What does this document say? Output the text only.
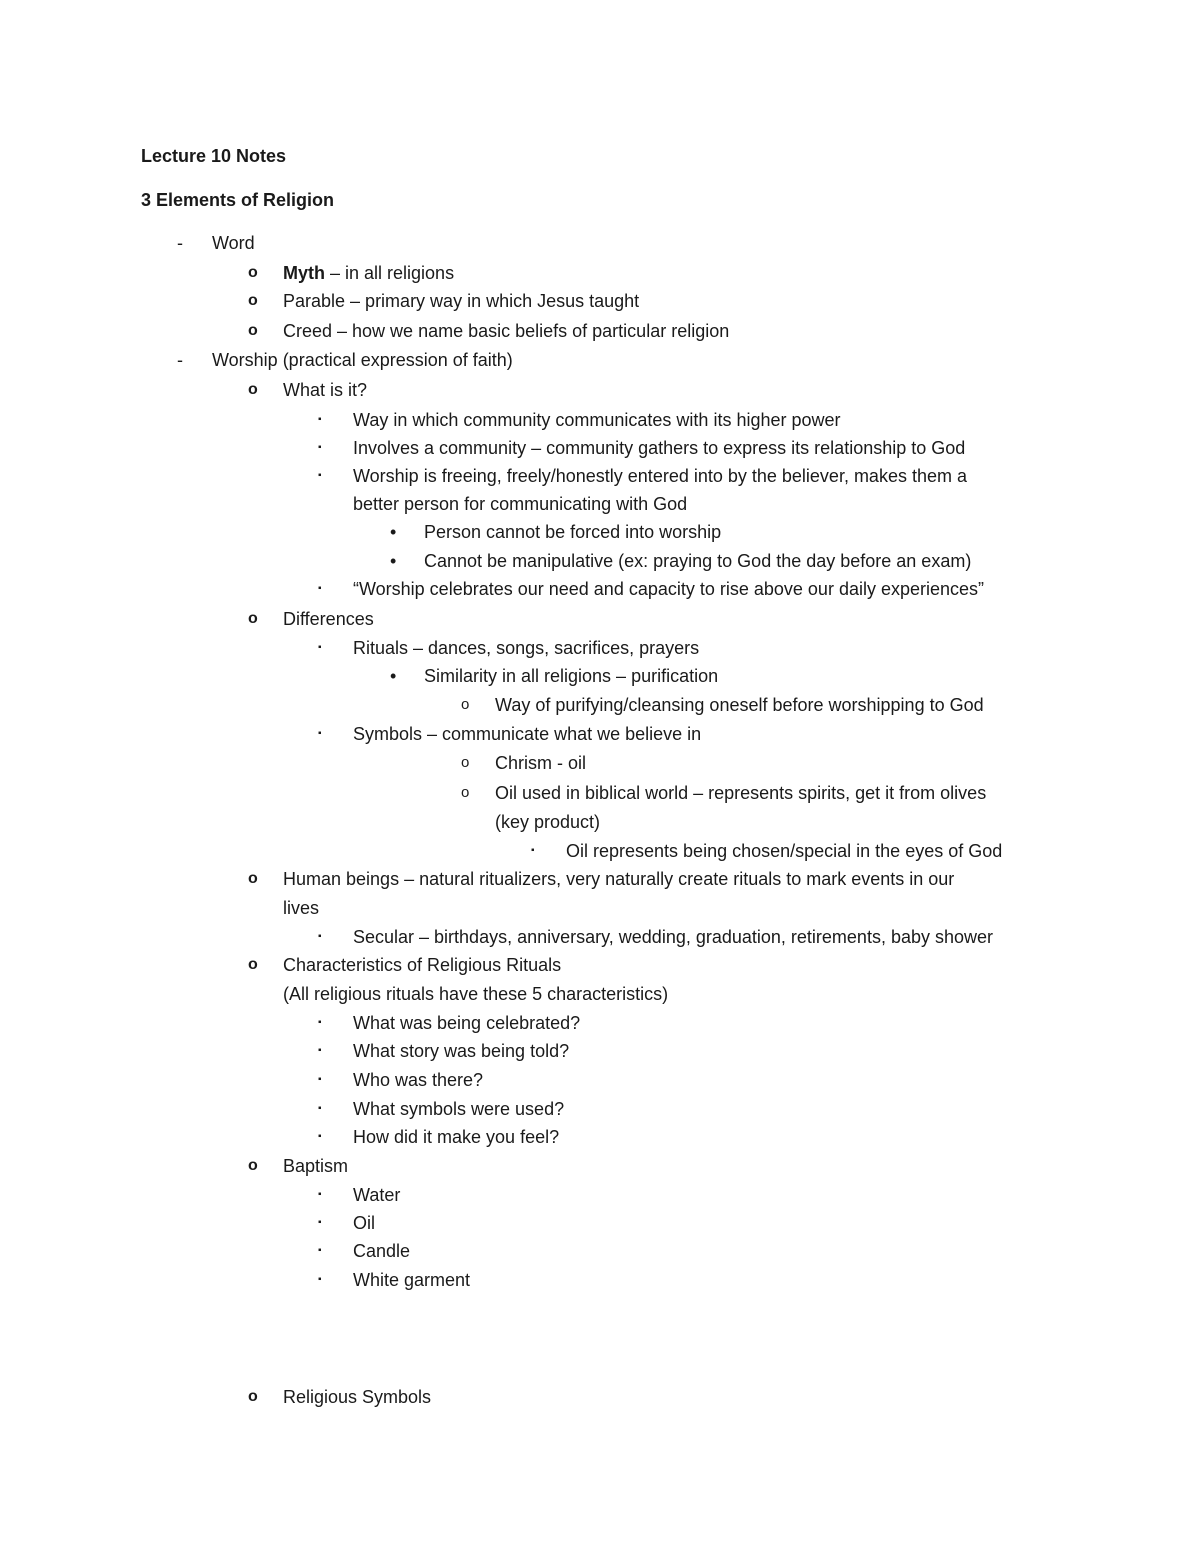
Lecture 10 Notes
3 Elements of Religion
- Word
o Myth – in all religions
o Parable – primary way in which Jesus taught
o Creed – how we name basic beliefs of particular religion
- Worship (practical expression of faith)
o What is it?
▪ Way in which community communicates with its higher power
▪ Involves a community – community gathers to express its relationship to God
▪ Worship is freeing, freely/honestly entered into by the believer, makes them a
better person for communicating with God
• Person cannot be forced into worship
• Cannot be manipulative (ex: praying to God the day before an exam)
▪ “Worship celebrates our need and capacity to rise above our daily experiences”
o Differences
▪ Rituals – dances, songs, sacrifices, prayers
• Similarity in all religions – purification
o Way of purifying/cleansing oneself before worshipping to God
▪ Symbols – communicate what we believe in
o Chrism - oil
o Oil used in biblical world – represents spirits, get it from olives
(key product)
▪ Oil represents being chosen/special in the eyes of God
o Human beings – natural ritualizers, very naturally create rituals to mark events in our
lives
▪ Secular – birthdays, anniversary, wedding, graduation, retirements, baby shower
o Characteristics of Religious Rituals
(All religious rituals have these 5 characteristics)
▪ What was being celebrated?
▪ What story was being told?
▪ Who was there?
▪ What symbols were used?
▪ How did it make you feel?
o Baptism
▪ Water
▪ Oil
▪ Candle
▪ White garment
o Religious Symbols
